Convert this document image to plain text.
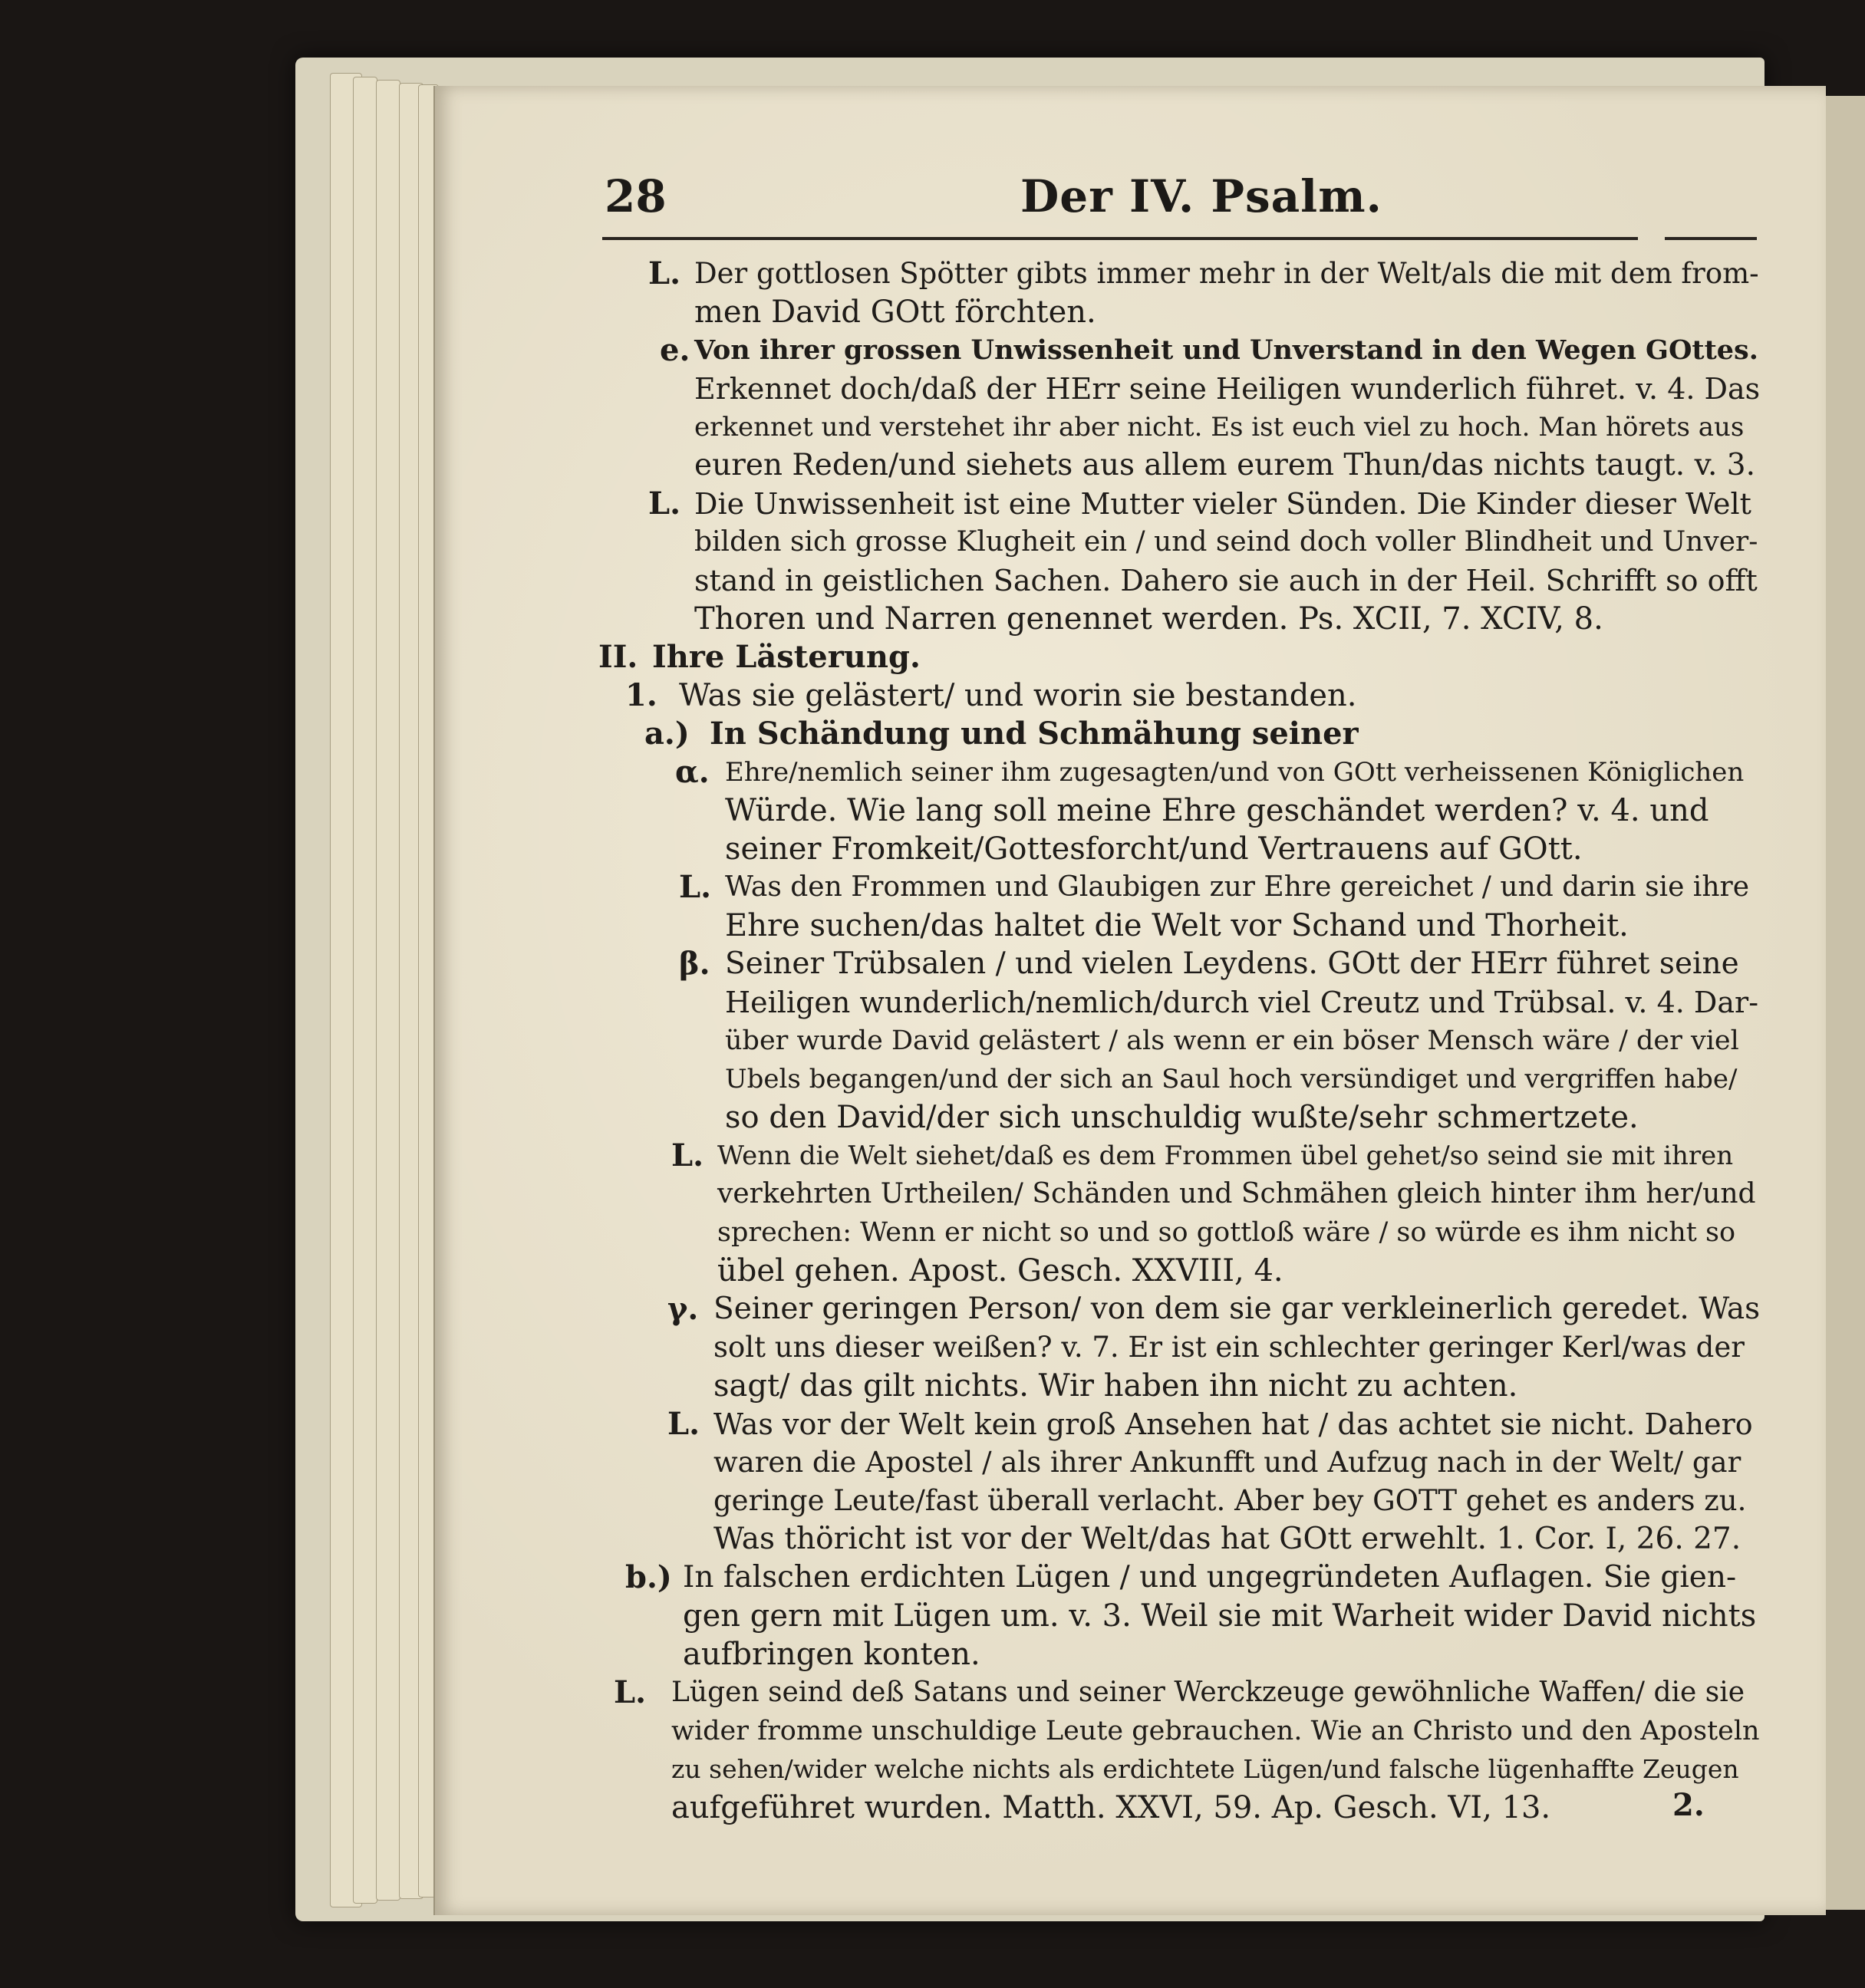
28	Der IV. Psalm.
L. Der gottlosen Spötter gibts immer mehr in der Welt/als die mit dem from-
men David GOtt förchten.
e. Von ihrer grossen Unwissenheit und Unverstand in den Wegen GOttes.
Erkennet doch/daß der HErr seine Heiligen wunderlich führet. v. 4. Das
erkennet und verstehet ihr aber nicht. Es ist euch viel zu hoch. Man hörets aus
euren Reden/und siehets aus allem eurem Thun/das nichts taugt. v. 3.
L. Die Unwissenheit ist eine Mutter vieler Sünden. Die Kinder dieser Welt
bilden sich grosse Klugheit ein / und seind doch voller Blindheit und Unver-
stand in geistlichen Sachen. Dahero sie auch in der Heil. Schrifft so offt
Thoren und Narren genennet werden. Ps. XCII, 7. XCIV, 8.
II. Ihre Lästerung.
1. Was sie gelästert/ und worin sie bestanden.
a.) In Schändung und Schmähung seiner
α. Ehre/nemlich seiner ihm zugesagten/und von GOtt verheissenen Königlichen
Würde. Wie lang soll meine Ehre geschändet werden? v. 4. und
seiner Fromkeit/Gottesforcht/und Vertrauens auf GOtt.
L. Was den Frommen und Glaubigen zur Ehre gereichet / und darin sie ihre
Ehre suchen/das haltet die Welt vor Schand und Thorheit.
β. Seiner Trübsalen / und vielen Leydens. GOtt der HErr führet seine
Heiligen wunderlich/nemlich/durch viel Creutz und Trübsal. v. 4. Dar-
über wurde David gelästert / als wenn er ein böser Mensch wäre / der viel
Ubels begangen/und der sich an Saul hoch versündiget und vergriffen habe/
so den David/der sich unschuldig wußte/sehr schmertzete.
L. Wenn die Welt siehet/daß es dem Frommen übel gehet/so seind sie mit ihren
verkehrten Urtheilen/ Schänden und Schmähen gleich hinter ihm her/und
sprechen: Wenn er nicht so und so gottloß wäre / so würde es ihm nicht so
übel gehen. Apost. Gesch. XXVIII, 4.
γ. Seiner geringen Person/ von dem sie gar verkleinerlich geredet. Was
solt uns dieser weißen? v. 7. Er ist ein schlechter geringer Kerl/was der
sagt/ das gilt nichts. Wir haben ihn nicht zu achten.
L. Was vor der Welt kein groß Ansehen hat / das achtet sie nicht. Dahero
waren die Apostel / als ihrer Ankunfft und Aufzug nach in der Welt/ gar
geringe Leute/fast überall verlacht. Aber bey GOTT gehet es anders zu.
Was thöricht ist vor der Welt/das hat GOtt erwehlt. 1. Cor. I, 26. 27.
b.) In falschen erdichten Lügen / und ungegründeten Auflagen. Sie gien-
gen gern mit Lügen um. v. 3. Weil sie mit Warheit wider David nichts
aufbringen konten.
L. Lügen seind deß Satans und seiner Werckzeuge gewöhnliche Waffen/ die sie
wider fromme unschuldige Leute gebrauchen. Wie an Christo und den Aposteln
zu sehen/wider welche nichts als erdichtete Lügen/und falsche lügenhaffte Zeugen
aufgeführet wurden. Matth. XXVI, 59. Ap. Gesch. VI, 13.	2.
